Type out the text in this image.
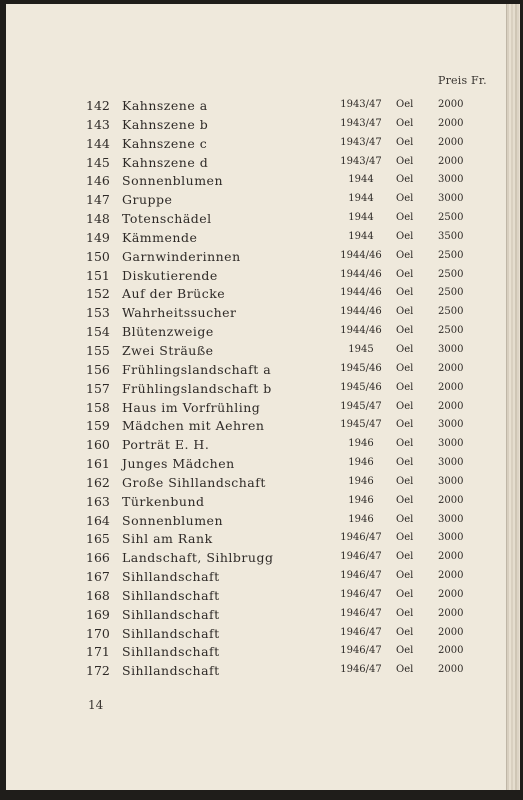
Preis Fr.
142 Kahnszene a	1943/47	Oel 2000
143 Kahnszene b	1943/47	Oel 2000
144 Kahnszene c	1943/47	Oel 2000
145 Kahnszene d	1943/47	Oel 2000
146 Sonnenblumen	1944	Oel 3000
147 Gruppe	1944	Oel 3000
148 Totenschädel	1944	Oel 2500
149 Kämmende	1944	Oel 3500
150 Garnwinderinnen	1944/46	Oel 2500
151 Diskutierende	1944/46	Oel 2500
152 Auf der Brücke	1944/46	Oel 2500
153 Wahrheitssucher	1944/46	Oel 2500
154 Blütenzweige	1944/46	Oel 2500
155 Zwei Sträuße	1945	Oel 3000
156 Frühlingslandschaft a	1945/46	Oel 2000
157 Frühlingslandschaft b	1945/46	Oel 2000
158 Haus im Vorfrühling	1945/47	Oel 2000
159 Mädchen mit Aehren	1945/47	Oel 3000
160 Porträt E. H.	1946	Oel 3000
161 Junges Mädchen	1946	Oel 3000
162 Große Sihllandschaft	1946	Oel 3000
163 Türkenbund	1946	Oel 2000
164 Sonnenblumen	1946	Oel 3000
165 Sihl am Rank	1946/47	Oel 3000
166 Landschaft, Sihlbrugg	1946/47	Oel 2000
167 Sihllandschaft	1946/47	Oel 2000
168 Sihllandschaft	1946/47	Oel 2000
169 Sihllandschaft	1946/47	Oel 2000
170 Sihllandschaft	1946/47	Oel 2000
171 Sihllandschaft	1946/47	Oel 2000
172 Sihllandschaft	1946/47	Oel 2000
14
